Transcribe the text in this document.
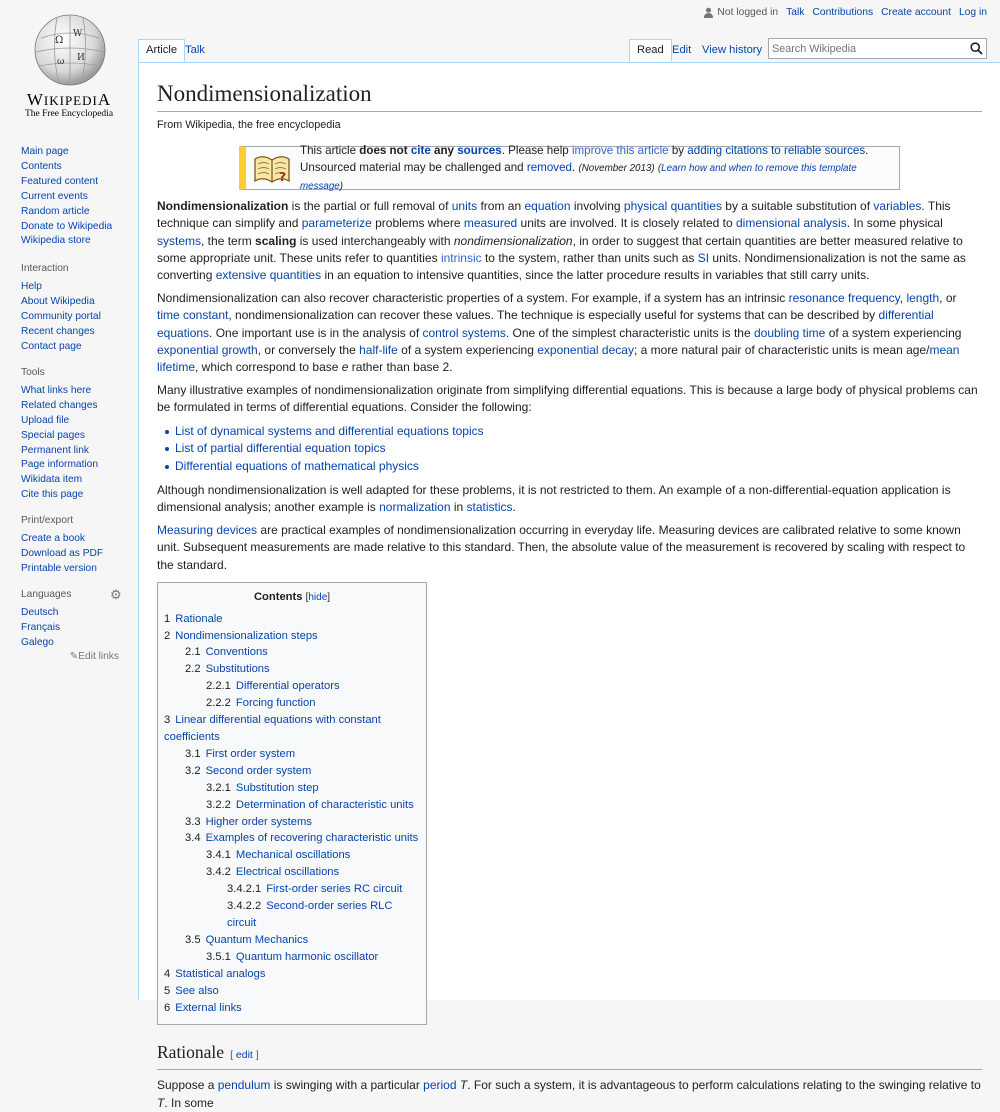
Ω
W
И
ω
WIKIPEDIA
The Free Encyclopedia
Not logged in Talk Contributions Create account Log in
Article Talk	Read Edit View history
Search Wikipedia
Main page
Contents
Featured content
Current events
Random article
Donate to Wikipedia
Wikipedia store
Interaction
Help
About Wikipedia
Community portal
Recent changes
Contact page
Tools
What links here
Related changes
Upload file
Special pages
Permanent link
Page information
Wikidata item
Cite this page
Print/export
Create a book
Download as PDF
Printable version
Languages	⚙
Deutsch
Français
Galego
✎Edit links
Nondimensionalization
From Wikipedia, the free encyclopedia
?
This article does not cite any sources. Please help improve this article by adding citations to reliable sources.
Unsourced material may be challenged and removed. (November 2013) (Learn how and when to remove this template message)

Nondimensionalization is the partial or full removal of units from an equation involving physical quantities by a suitable substitution of variables. This technique can simplify and parameterize problems where measured units are involved. It is closely related to dimensional analysis. In some physical systems, the term scaling is used interchangeably with nondimensionalization, in order to suggest that certain quantities are better measured relative to some appropriate unit. These units refer to quantities intrinsic to the system, rather than units such as SI units. Nondimensionalization is not the same as converting extensive quantities in an equation to intensive quantities, since the latter procedure results in variables that still carry units.

Nondimensionalization can also recover characteristic properties of a system. For example, if a system has an intrinsic resonance frequency, length, or time constant, nondimensionalization can recover these values. The technique is especially useful for systems that can be described by differential equations. One important use is in the analysis of control systems. One of the simplest characteristic units is the doubling time of a system experiencing exponential growth, or conversely the half-life of a system experiencing exponential decay; a more natural pair of characteristic units is mean age/mean lifetime, which correspond to base e rather than base 2.

Many illustrative examples of nondimensionalization originate from simplifying differential equations. This is because a large body of physical problems can be formulated in terms of differential equations. Consider the following:

List of dynamical systems and differential equations topics
List of partial differential equation topics
Differential equations of mathematical physics

Although nondimensionalization is well adapted for these problems, it is not restricted to them. An example of a non-differential-equation application is dimensional analysis; another example is normalization in statistics.

Measuring devices are practical examples of nondimensionalization occurring in everyday life. Measuring devices are calibrated relative to some known unit. Subsequent measurements are made relative to this standard. Then, the absolute value of the measurement is recovered by scaling with respect to the standard.

Contents [hide]
1 Rationale
2 Nondimensionalization steps
2.1 Conventions
2.2 Substitutions
2.2.1 Differential operators
2.2.2 Forcing function
3 Linear differential equations with constant coefficients
3.1 First order system
3.2 Second order system
3.2.1 Substitution step
3.2.2 Determination of characteristic units
3.3 Higher order systems
3.4 Examples of recovering characteristic units
3.4.1 Mechanical oscillations
3.4.2 Electrical oscillations
3.4.2.1 First-order series RC circuit
3.4.2.2 Second-order series RLC circuit
3.5 Quantum Mechanics
3.5.1 Quantum harmonic oscillator
4 Statistical analogs
5 See also
6 External links
Rationale [ edit ]

Suppose a pendulum is swinging with a particular period T. For such a system, it is advantageous to perform calculations relating to the swinging relative to T. In some
